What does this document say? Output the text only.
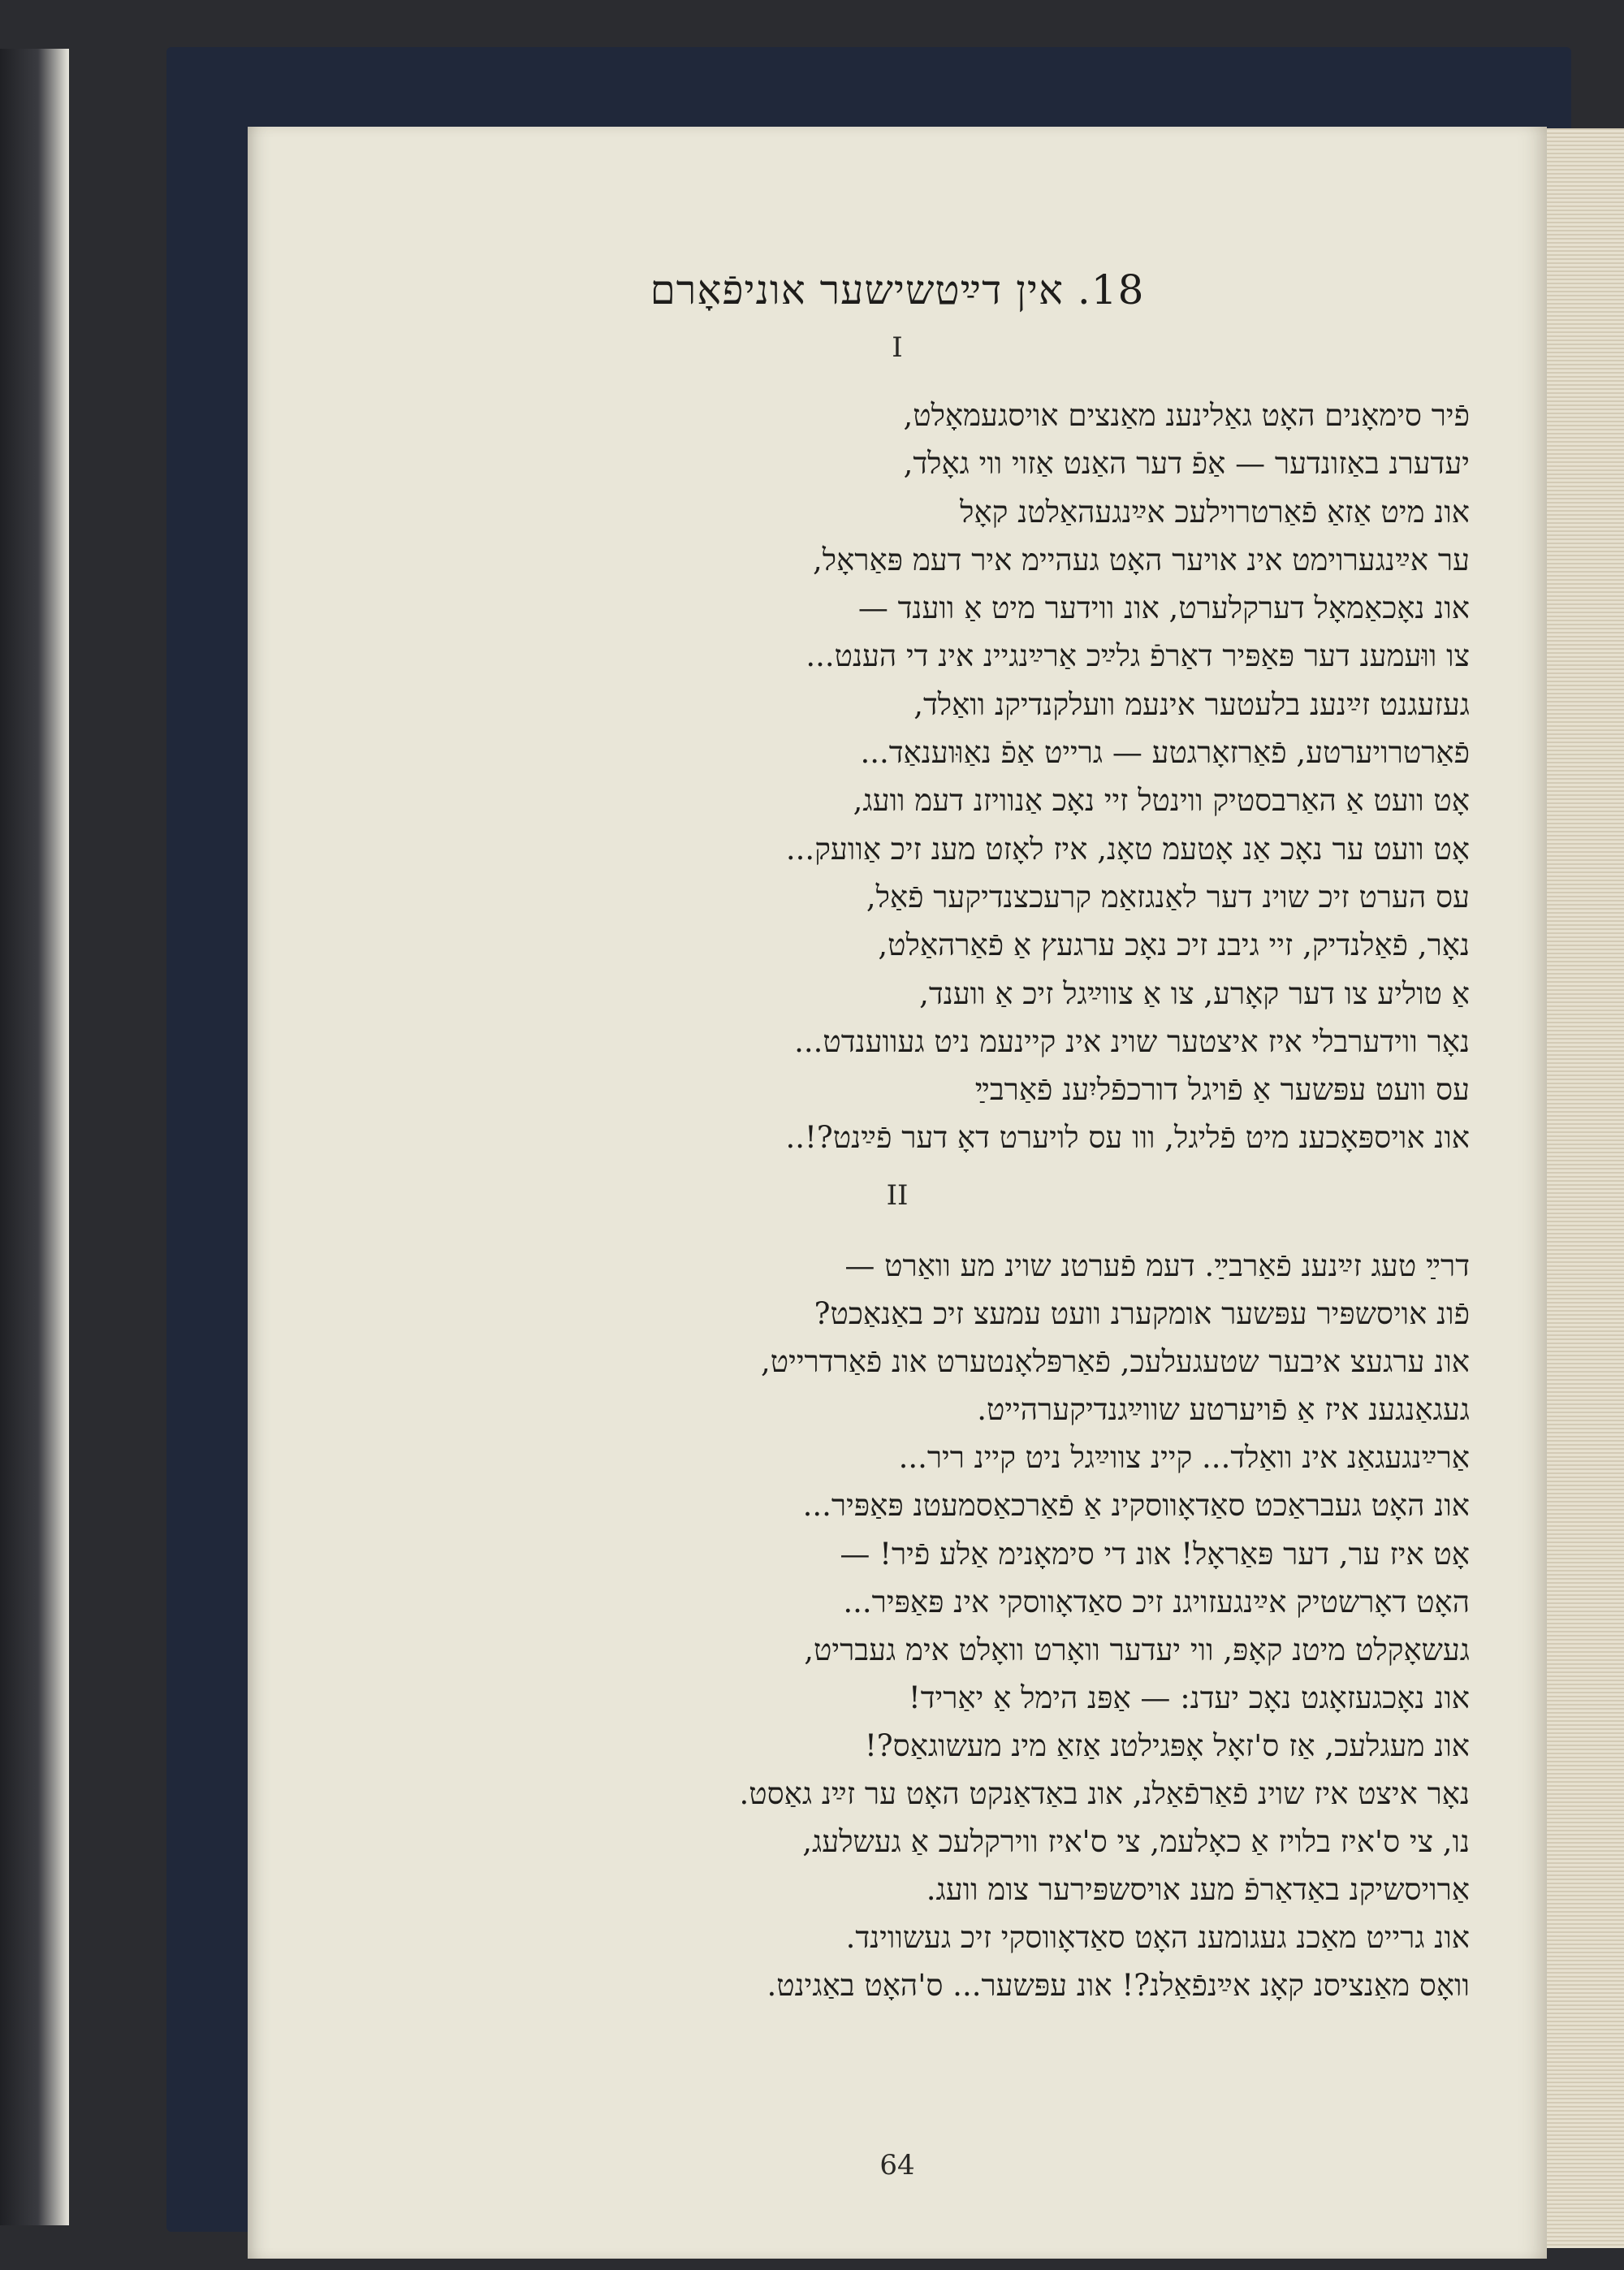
18. אין דײַטשישער אוניפֿאָרם
I
פֿיר סימאָנים האָט גאַלינענ מאַנצים אויסגעמאָלט,
יעדערנ באַזונדער — אַפֿ דער האַנט אַזוי ווי גאָלד,
אונ מיט אַזאַ פֿאַרטרוילעכ אײַנגעהאַלטנ קאָל
ער אײַנגערוימט אינ אויער האָט געהיימ איר דעמ פּאַראָל,
אונ נאָכאַמאָל דערקלערט, אונ ווידער מיט אַ ווענד —
צו ווּעמענ דער פּאַפּיר דאַרפֿ גלײַכ אַרײַנגיינ אינ די הענט...
געזעגנט זײַנענ בלעטער אינעמ וועלקנדיקנ וואַלד,
פֿאַרטרויערטע, פֿאַרזאָרגטע — גרייט אַפֿ נאַוּוענאַד...
אָט וועט אַ האַרבסטיק ווינטל זיי נאָכ אַנוויזנ דעמ וועג,
אָט וועט ער נאָכ אַנ אָטעמ טאָנ, איז לאָזט מענ זיכ אַוועק...
עס הערט זיכ שוינ דער לאַנגזאַמ קרעכצנדיקער פֿאַל,
נאָר, פֿאַלנדיק, זיי גיבנ זיכ נאָכ ערגעץ אַ פֿאַרהאַלט,
אַ טוליע צו דער קאָרע, צו אַ צווײַגל זיכ אַ ווענד,
נאָר ווידערבלי איז איצטער שוינ אינ קיינעמ ניט געווענדט...
עס וועט עפּשער אַ פֿויגל דורכפֿליִענ פֿאַרבײַ
אונ אויספּאָכענ מיט פֿליגל, ווו עס לויערט דאָ דער פֿײַנט?!..
II
דרײַ טעג זײַנענ פֿאַרבײַ. דעמ פֿערטנ שוינ מע וואַרט —
פֿונ אויסשפּיר עפּשער אומקערנ וועט עמעצ זיכ באַנאַכט?
אונ ערגעצ איבער שטעגעלעכ, פֿאַרפּלאָנטערט אונ פֿאַרדרייט,
געגאַנגענ איז אַ פֿויערטע שווײַגנדיקערהייט.
אַרײַנגעגאַנ אינ וואַלד... קיינ צווײַגל ניט קיינ ריר...
אונ האָט געבראַכט סאַדאָווסקינ אַ פֿאַרכאַסמעטנ פּאַפּיר...
אָט איז ער, דער פּאַראָל! אונ די סימאָנימ אַלע פֿיר! —
האָט דאָרשטיק אײַנגעזויגנ זיכ סאַדאָווסקי אינ פּאַפּיר...
געשאָקלט מיטנ קאָפּ, ווי יעדער וואָרט וואָלט אימ געבריט,
אונ נאָכגעזאָגט נאָכ יעדנ: — אַפּנ הימל אַ יאַריד!
אונ מעגלעכ, אַז ס'זאָל אָפּגילטנ אַזאַ מינ מעשוגאַס?!
נאָר איצט איז שוינ פֿאַרפֿאַלנ, אונ באַדאַנקט האָט ער זײַנ גאַסט.
נו, צי ס'איז בלויז אַ כאָלעמ, צי ס'איז ווירקלעכ אַ געשלעג,
אַרויסשיקנ באַדאַרפֿ מענ אויסשפּירער צומ וועג.
אונ גרייט מאַכנ געגומענ האָט סאַדאָווסקי זיכ געשווינד.
וואָס מאַנציסנ קאָנ אײַנפֿאַלנ?! אונ עפּשער... ס'האָט באַגינט.
64
